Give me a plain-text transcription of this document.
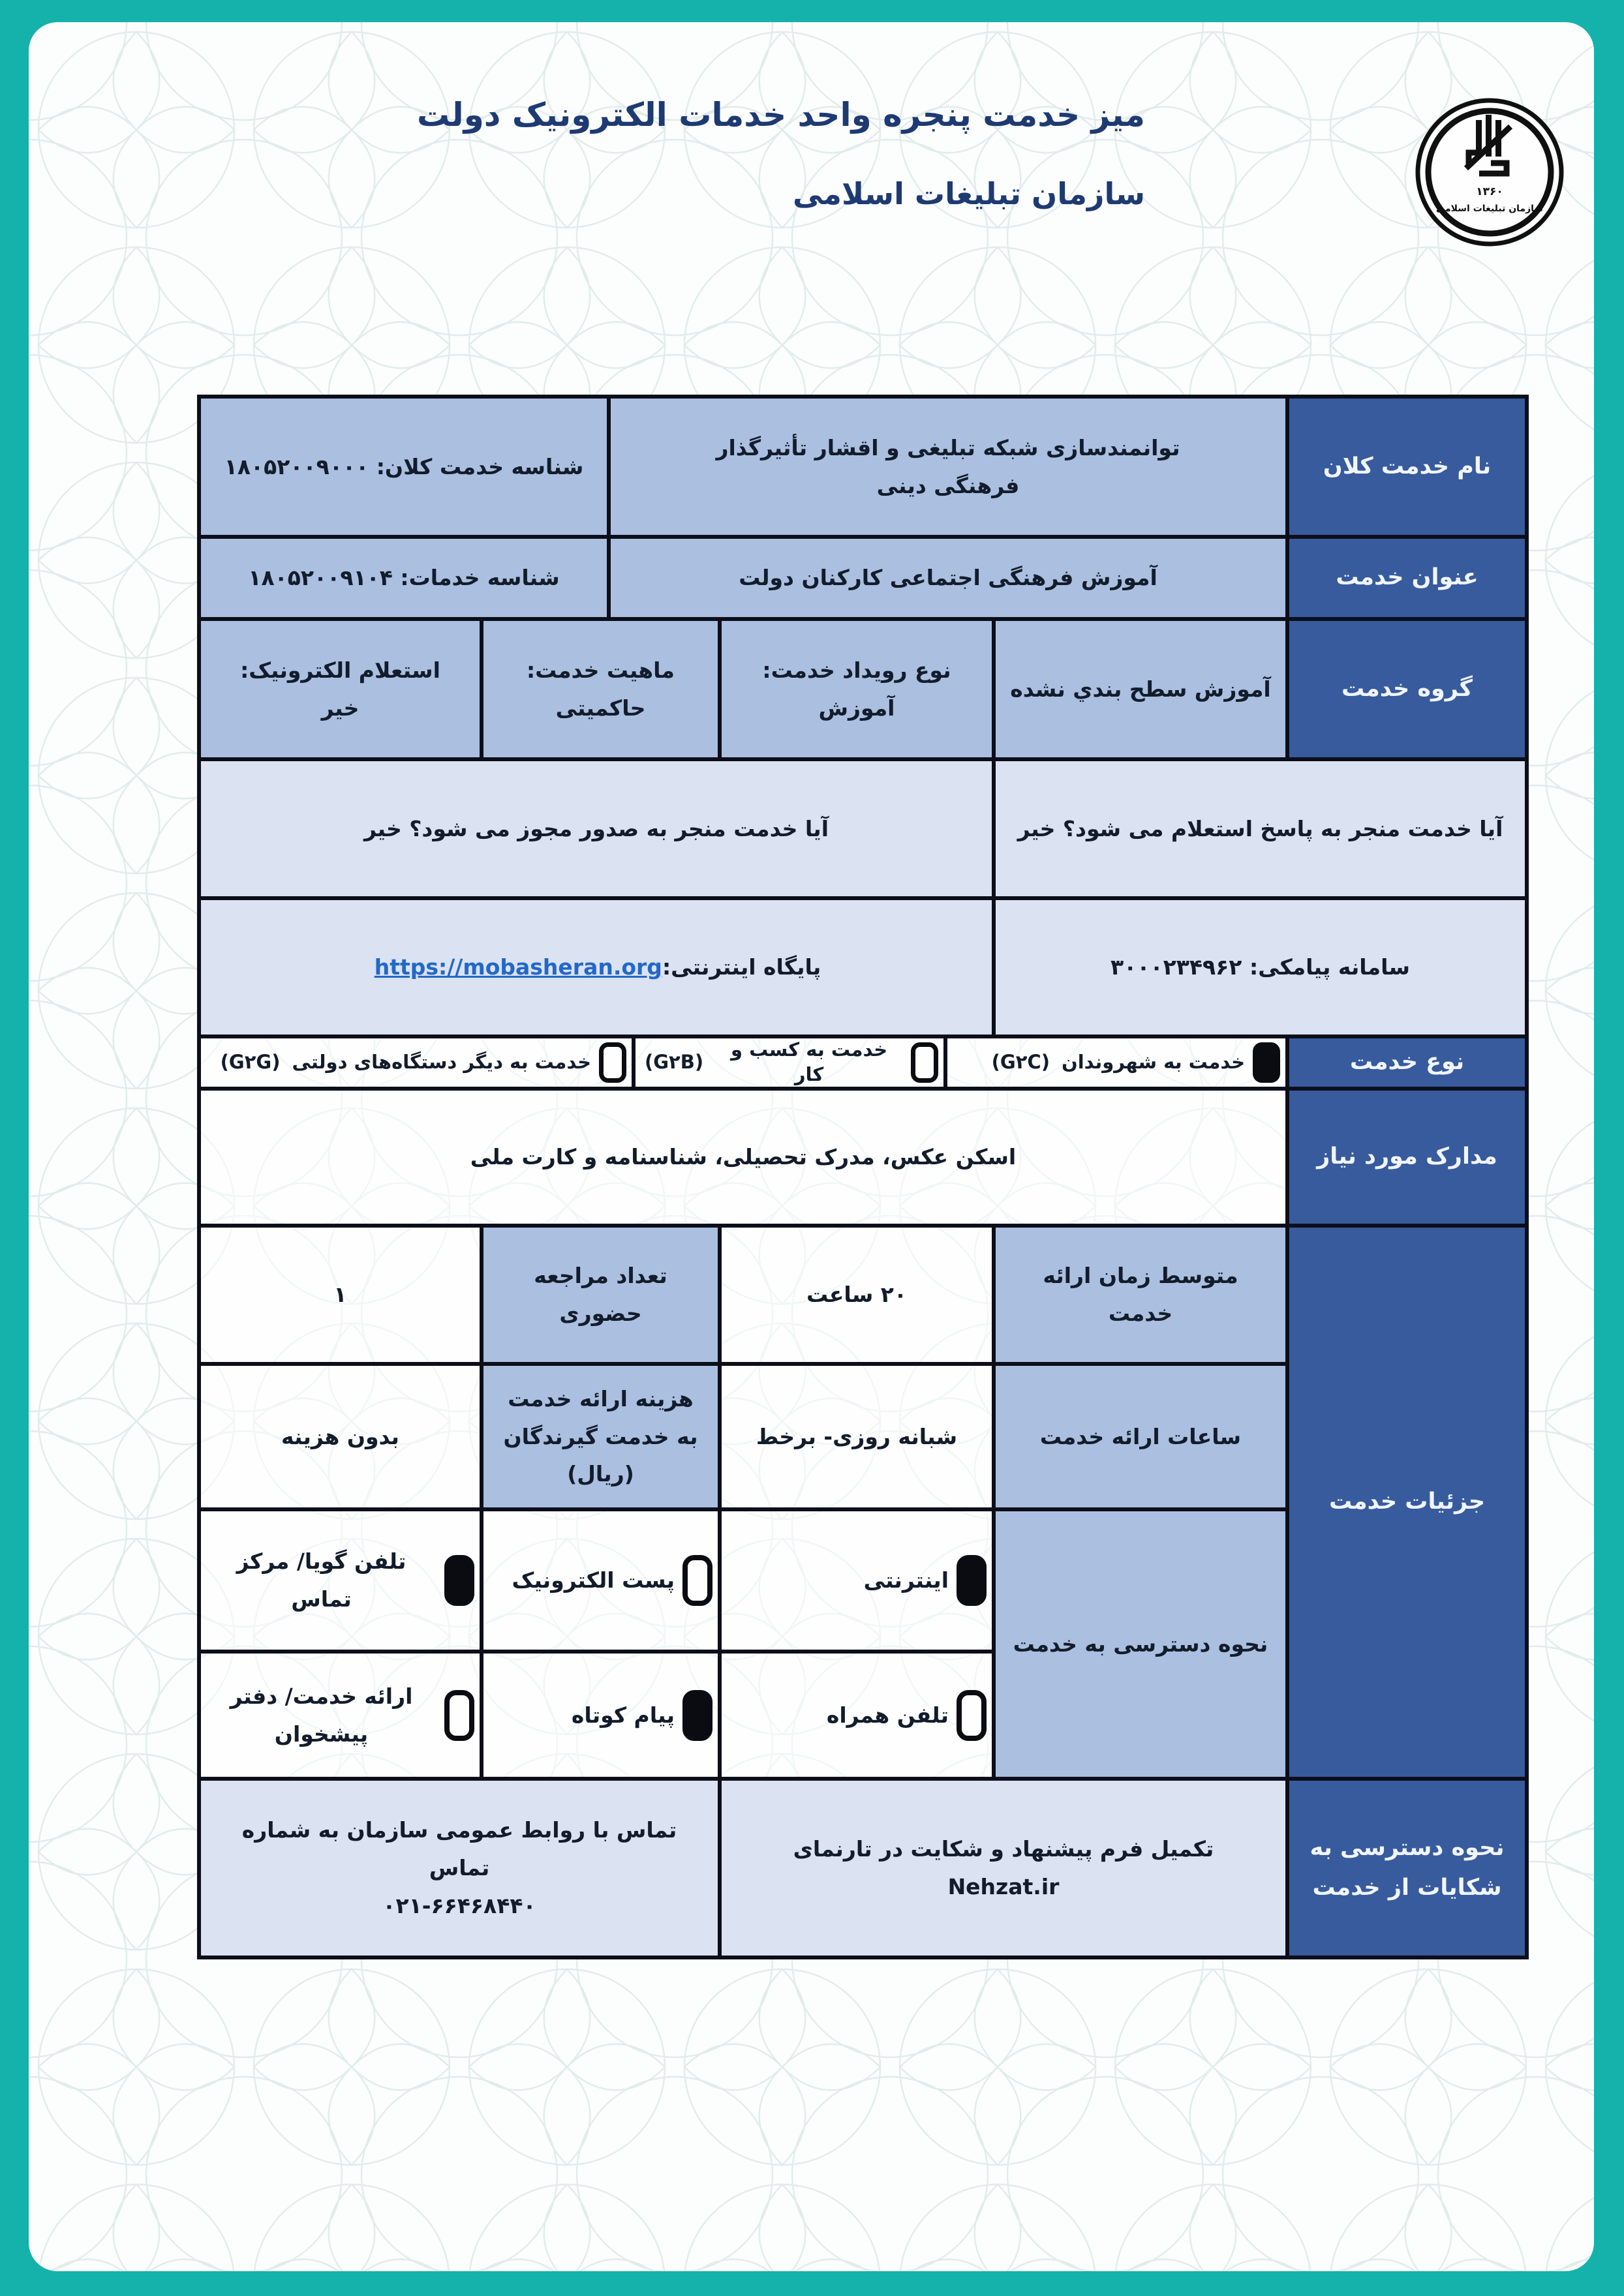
میز خدمت پنجره واحد خدمات الکترونیک دولت
سازمان تبلیغات اسلامی	۱۳۶۰
سازمان تبلیغات اسلامی
نام خدمت کلان
توانمندسازی شبکه تبلیغی و اقشار تأثیرگذار فرهنگی دینی
شناسه خدمت کلان: ۱۸۰۵۲۰۰۹۰۰۰
عنوان خدمت
آموزش فرهنگی اجتماعی کارکنان دولت
شناسه خدمات: ۱۸۰۵۲۰۰۹۱۰۴
گروه خدمت
آموزش سطح بندي نشده
نوع رویداد خدمت:
آموزش
ماهیت خدمت:
حاکمیتی
استعلام الکترونیک:
خیر
آیا خدمت منجر به پاسخ استعلام می شود؟ خیر
آیا خدمت منجر به صدور مجوز می شود؟ خیر
سامانه پیامکی: ۳۰۰۰۲۳۴۹۶۲
پایگاه اینترنتی:
https://mobasheran.org
نوع خدمت
خدمت به شهروندان
(G۲C)
خدمت به کسب و کار
(G۲B)
خدمت به دیگر دستگاه‌های دولتی
(G۲G)
مدارک مورد نیاز
اسکن عکس، مدرک تحصیلی، شناسنامه و کارت ملی
جزئیات خدمت
متوسط زمان ارائه خدمت
۲۰ ساعت
تعداد مراجعه حضوری
۱
ساعات ارائه خدمت
شبانه روزی- برخط
هزینه ارائه خدمت به خدمت گیرندگان (ریال)
بدون هزینه
نحوه دسترسی به خدمت
اینترنتی
پست الکترونیک
تلفن گویا/ مرکز تماس
تلفن همراه
پیام کوتاه
ارائه خدمت/ دفتر پیشخوان
نحوه دسترسی به شکایات از خدمت
تکمیل فرم پیشنهاد و شکایت در تارنمای Nehzat.ir
تماس با روابط عمومی سازمان به شماره تماس
۰۲۱-۶۶۴۶۸۴۴۰
